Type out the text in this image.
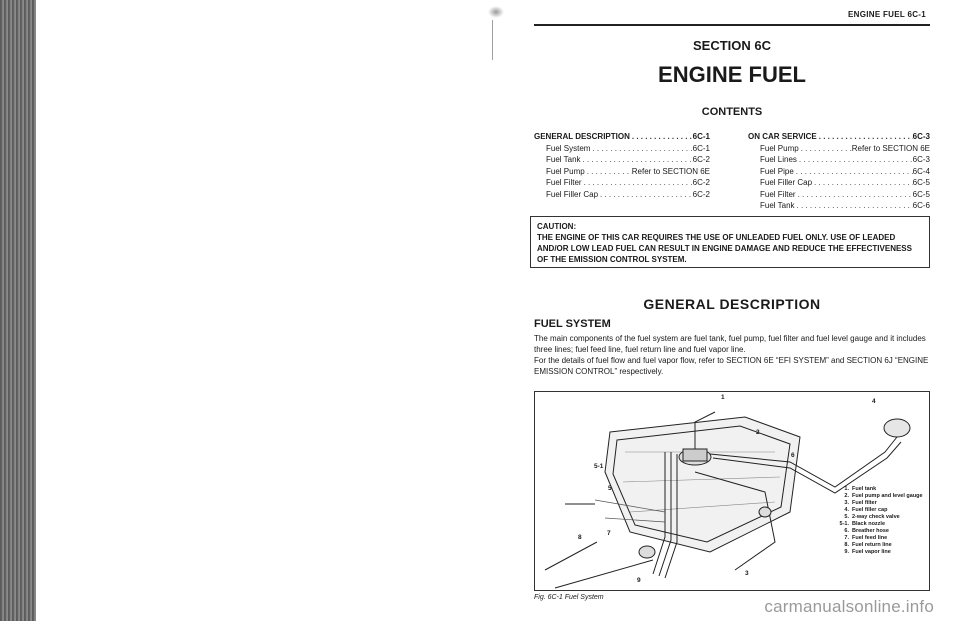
ENGINE FUEL 6C-1
SECTION 6C
ENGINE FUEL
CONTENTS
GENERAL DESCRIPTION . . .	6C-1
Fuel System . . .	6C-1
Fuel Tank . . .	6C-2
Fuel Pump . . .	Refer to SECTION 6E
Fuel Filter . . .	6C-2
Fuel Filler Cap . . .	6C-2
ON CAR SERVICE . . .	6C-3
Fuel Pump . . .	Refer to SECTION 6E
Fuel Lines . . .	6C-3
Fuel Pipe . . .	6C-4
Fuel Filler Cap . . .	6C-5
Fuel Filter . . .	6C-5
Fuel Tank . . .	6C-6
CAUTION:
THE ENGINE OF THIS CAR REQUIRES THE USE OF UNLEADED FUEL ONLY. USE OF LEADED AND/OR LOW LEAD FUEL CAN RESULT IN ENGINE DAMAGE AND REDUCE THE EFFECTIVENESS OF THE EMISSION CONTROL SYSTEM.
GENERAL DESCRIPTION
FUEL SYSTEM

The main components of the fuel system are fuel tank, fuel pump, fuel filter and fuel level gauge and it includes three lines; fuel feed line, fuel return line and fuel vapor line.

For the details of fuel flow and fuel vapor flow, refer to SECTION 6E “EFI SYSTEM” and SECTION 6J “ENGINE EMISSION CONTROL” respectively.

1
2
3
4
5
5-1
6
7
8
9
1. Fuel tank
2. Fuel pump and level gauge
3. Fuel filter
4. Fuel filler cap
5. 2-way check valve
5-1. Black nozzle
6. Breather hose
7. Fuel feed line
8. Fuel return line
9. Fuel vapor line
Fig. 6C-1 Fuel System	carmanualsonline.info
